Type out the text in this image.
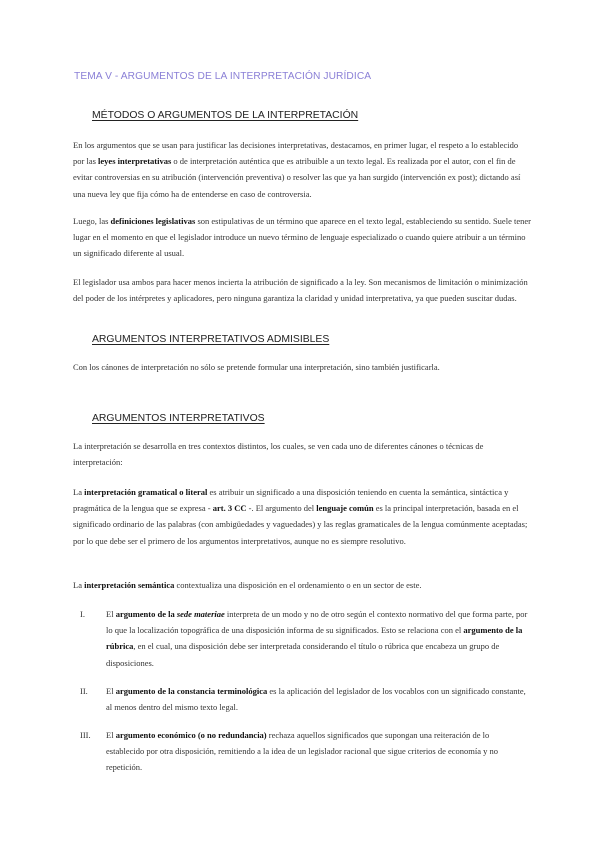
TEMA V - ARGUMENTOS DE LA INTERPRETACIÓN JURÍDICA
MÉTODOS O ARGUMENTOS DE LA INTERPRETACIÓN
En los argumentos que se usan para justificar las decisiones interpretativas, destacamos, en primer lugar, el respeto a lo establecido por las leyes interpretativas o de interpretación auténtica que es atribuible a un texto legal. Es realizada por el autor, con el fin de evitar controversias en su atribución (intervención preventiva) o resolver las que ya han surgido (intervención ex post); dictando así una nueva ley que fija cómo ha de entenderse en caso de controversia.
Luego, las definiciones legislativas son estipulativas de un término que aparece en el texto legal, estableciendo su sentido. Suele tener lugar en el momento en que el legislador introduce un nuevo término de lenguaje especializado o cuando quiere atribuir a un término un significado diferente al usual.
El legislador usa ambos para hacer menos incierta la atribución de significado a la ley. Son mecanismos de limitación o minimización del poder de los intérpretes y aplicadores, pero ninguna garantiza la claridad y unidad interpretativa, ya que pueden suscitar dudas.
ARGUMENTOS INTERPRETATIVOS ADMISIBLES
Con los cánones de interpretación no sólo se pretende formular una interpretación, sino también justificarla.
ARGUMENTOS INTERPRETATIVOS
La interpretación se desarrolla en tres contextos distintos, los cuales, se ven cada uno de diferentes cánones o técnicas de interpretación:
La interpretación gramatical o literal es atribuir un significado a una disposición teniendo en cuenta la semántica, sintáctica y pragmática de la lengua que se expresa - art. 3 CC -. El argumento del lenguaje común es la principal interpretación, basada en el significado ordinario de las palabras (con ambigüedades y vaguedades) y las reglas gramaticales de la lengua comúnmente aceptadas; por lo que debe ser el primero de los argumentos interpretativos, aunque no es siempre resolutivo.
La interpretación semántica contextualiza una disposición en el ordenamiento o en un sector de este.
I. El argumento de la sede materiae interpreta de un modo y no de otro según el contexto normativo del que forma parte, por lo que la localización topográfica de una disposición informa de su significados. Esto se relaciona con el argumento de la rúbrica, en el cual, una disposición debe ser interpretada considerando el título o rúbrica que encabeza un grupo de disposiciones.
II. El argumento de la constancia terminológica es la aplicación del legislador de los vocablos con un significado constante, al menos dentro del mismo texto legal.
III. El argumento económico (o no redundancia) rechaza aquellos significados que supongan una reiteración de lo establecido por otra disposición, remitiendo a la idea de un legislador racional que sigue criterios de economía y no repetición.
